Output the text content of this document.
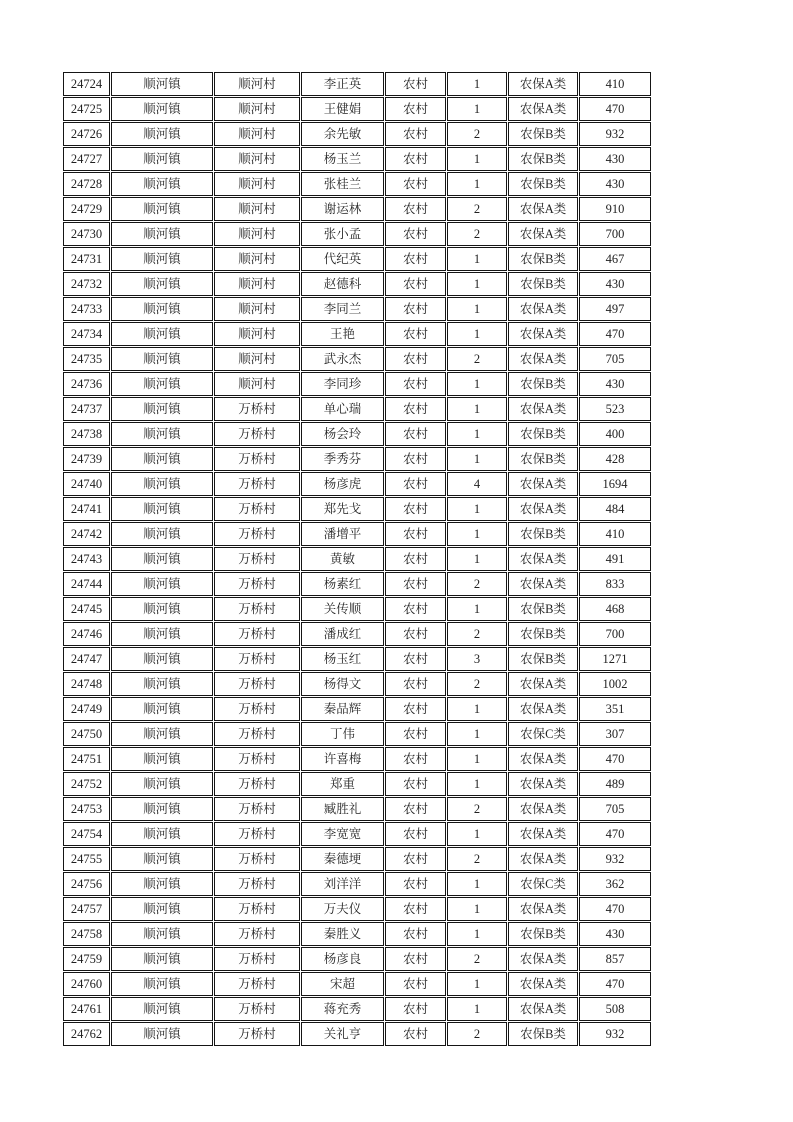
24724	顺河镇	顺河村	李正英	农村	1	农保A类	410
24725	顺河镇	顺河村	王健娟	农村	1	农保A类	470
24726	顺河镇	顺河村	余先敏	农村	2	农保B类	932
24727	顺河镇	顺河村	杨玉兰	农村	1	农保B类	430
24728	顺河镇	顺河村	张桂兰	农村	1	农保B类	430
24729	顺河镇	顺河村	谢运林	农村	2	农保A类	910
24730	顺河镇	顺河村	张小孟	农村	2	农保A类	700
24731	顺河镇	顺河村	代纪英	农村	1	农保B类	467
24732	顺河镇	顺河村	赵德科	农村	1	农保B类	430
24733	顺河镇	顺河村	李同兰	农村	1	农保A类	497
24734	顺河镇	顺河村	王艳	农村	1	农保A类	470
24735	顺河镇	顺河村	武永杰	农村	2	农保A类	705
24736	顺河镇	顺河村	李同珍	农村	1	农保B类	430
24737	顺河镇	万桥村	单心瑞	农村	1	农保A类	523
24738	顺河镇	万桥村	杨会玲	农村	1	农保B类	400
24739	顺河镇	万桥村	季秀芬	农村	1	农保B类	428
24740	顺河镇	万桥村	杨彦虎	农村	4	农保A类	1694
24741	顺河镇	万桥村	郑先戈	农村	1	农保A类	484
24742	顺河镇	万桥村	潘增平	农村	1	农保B类	410
24743	顺河镇	万桥村	黄敏	农村	1	农保A类	491
24744	顺河镇	万桥村	杨素红	农村	2	农保A类	833
24745	顺河镇	万桥村	关传顺	农村	1	农保B类	468
24746	顺河镇	万桥村	潘成红	农村	2	农保B类	700
24747	顺河镇	万桥村	杨玉红	农村	3	农保B类	1271
24748	顺河镇	万桥村	杨得文	农村	2	农保A类	1002
24749	顺河镇	万桥村	秦品辉	农村	1	农保A类	351
24750	顺河镇	万桥村	丁伟	农村	1	农保C类	307
24751	顺河镇	万桥村	许喜梅	农村	1	农保A类	470
24752	顺河镇	万桥村	郑重	农村	1	农保A类	489
24753	顺河镇	万桥村	臧胜礼	农村	2	农保A类	705
24754	顺河镇	万桥村	李宽宽	农村	1	农保A类	470
24755	顺河镇	万桥村	秦德埂	农村	2	农保A类	932
24756	顺河镇	万桥村	刘洋洋	农村	1	农保C类	362
24757	顺河镇	万桥村	万夫仪	农村	1	农保A类	470
24758	顺河镇	万桥村	秦胜义	农村	1	农保B类	430
24759	顺河镇	万桥村	杨彦良	农村	2	农保A类	857
24760	顺河镇	万桥村	宋超	农村	1	农保A类	470
24761	顺河镇	万桥村	蒋充秀	农村	1	农保A类	508
24762	顺河镇	万桥村	关礼亨	农村	2	农保B类	932
